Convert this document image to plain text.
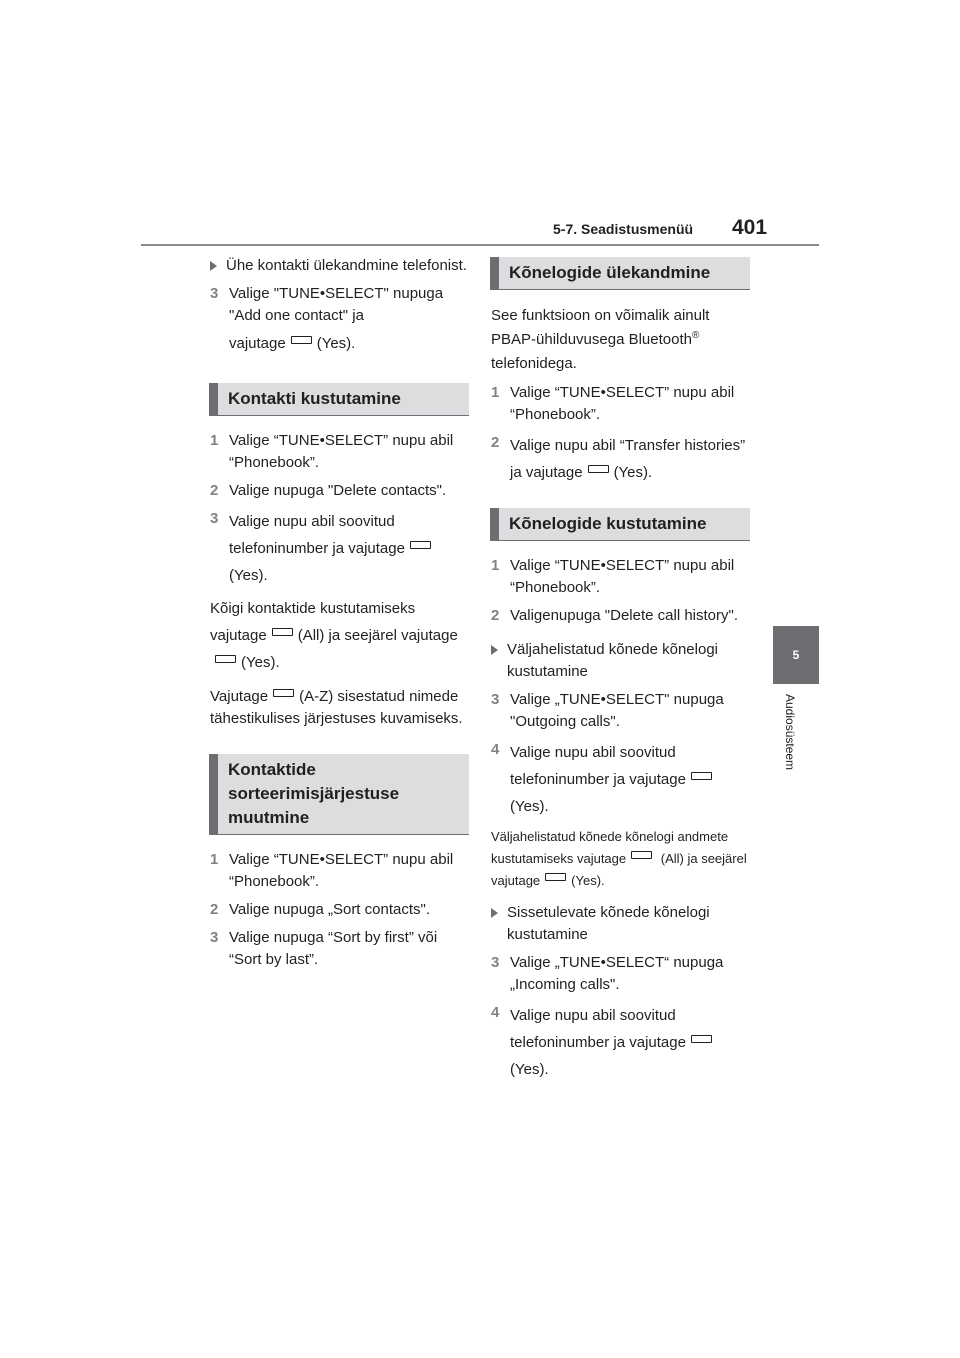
5-7. Seadistusmenüü 401
5
Audiosüsteem
Ühe kontakti ülekandmine telefonist.
3 Valige "TUNE•SELECT" nupuga "Add one contact" ja
vajutage (Yes).
Kontakti kustutamine
1 Valige “TUNE•SELECT” nupu abil “Phonebook”.
2 Valige nupuga "Delete contacts".
3 Valige nupu abil soovitud telefoninumber ja vajutage(Yes).
Kõigi kontaktide kustutamiseks vajutage (All) ja seejärel vajutage(Yes).
Vajutage (A-Z) sisestatud nimede tähestikulises järjestuses kuvamiseks.
Kontaktide sorteerimisjärjestuse muutmine
1 Valige “TUNE•SELECT” nupu abil “Phonebook”.
2 Valige nupuga „Sort contacts".
3 Valige nupuga “Sort by first” või “Sort by last”.
Kõnelogide ülekandmine
See funktsioon on võimalik ainult PBAP-ühilduvusega Bluetooth® telefonidega.
1 Valige “TUNE•SELECT” nupu abil “Phonebook”.
2 Valige nupu abil “Transfer histories” ja vajutage (Yes).
Kõnelogide kustutamine
1 Valige “TUNE•SELECT” nupu abil “Phonebook”.
2 Valigenupuga "Delete call history".
Väljahelistatud kõnede kõnelogi kustutamine
3 Valige „TUNE•SELECT" nupuga "Outgoing calls".
4 Valige nupu abil soovitud telefoninumber ja vajutage(Yes).
Väljahelistatud kõnede kõnelogi andmete kustutamiseks vajutage	(All) ja seejärel vajutage (Yes).
Sissetulevate kõnede kõnelogi kustutamine
3 Valige „TUNE•SELECT“ nupuga „Incoming calls".
4 Valige nupu abil soovitud telefoninumber ja vajutage(Yes).
